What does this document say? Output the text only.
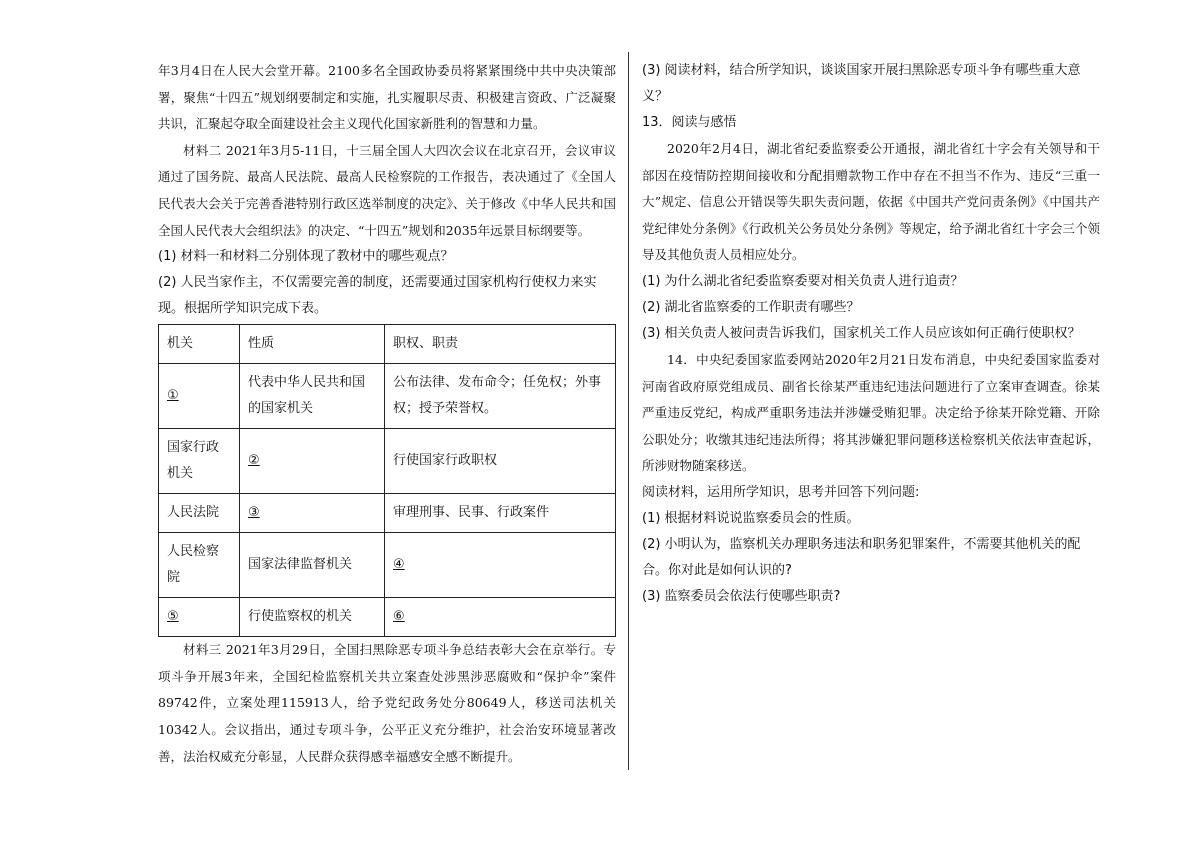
年3月4日在人民大会堂开幕。2100多名全国政协委员将紧紧围绕中共中央决策部署，聚焦“十四五”规划纲要制定和实施，扎实履职尽责、积极建言资政、广泛凝聚共识，汇聚起夺取全面建设社会主义现代化国家新胜利的智慧和力量。

材料二 2021年3月5-11日，十三届全国人大四次会议在北京召开，会议审议通过了国务院、最高人民法院、最高人民检察院的工作报告，表决通过了《全国人民代表大会关于完善香港特别行政区选举制度的决定》、关于修改《中华人民共和国全国人民代表大会组织法》的决定、“十四五”规划和2035年远景目标纲要等。

(1) 材料一和材料二分别体现了教材中的哪些观点？

(2) 人民当家作主，不仅需要完善的制度，还需要通过国家机构行使权力来实现。根据所学知识完成下表。

机关	性质	职权、职责
①	代表中华人民共和国的国家机关	公布法律、发布命令；任免权；外事权；授予荣誉权。
国家行政机关	②	行使国家行政职权
人民法院	③	审理刑事、民事、行政案件
人民检察院	国家法律监督机关	④
⑤	行使监察权的机关	⑥

材料三 2021年3月29日，全国扫黑除恶专项斗争总结表彰大会在京举行。专项斗争开展3年来，全国纪检监察机关共立案查处涉黑涉恶腐败和“保护伞”案件89742件，立案处理115913人，给予党纪政务处分80649人，移送司法机关10342人。会议指出，通过专项斗争，公平正义充分维护，社会治安环境显著改善，法治权威充分彰显，人民群众获得感幸福感安全感不断提升。

(3) 阅读材料，结合所学知识，谈谈国家开展扫黑除恶专项斗争有哪些重大意义？

13．阅读与感悟

2020年2月4日，湖北省纪委监察委公开通报，湖北省红十字会有关领导和干部因在疫情防控期间接收和分配捐赠款物工作中存在不担当不作为、违反“三重一大”规定、信息公开错误等失职失责问题，依据《中国共产党问责条例》《中国共产党纪律处分条例》《行政机关公务员处分条例》等规定，给予湖北省红十字会三个领导及其他负责人员相应处分。

(1) 为什么湖北省纪委监察委要对相关负责人进行追责？

(2) 湖北省监察委的工作职责有哪些？

(3) 相关负责人被问责告诉我们，国家机关工作人员应该如何正确行使职权？

14．中央纪委国家监委网站2020年2月21日发布消息，中央纪委国家监委对河南省政府原党组成员、副省长徐某严重违纪违法问题进行了立案审查调查。徐某严重违反党纪，构成严重职务违法并涉嫌受贿犯罪。决定给予徐某开除党籍、开除公职处分；收缴其违纪违法所得；将其涉嫌犯罪问题移送检察机关依法审查起诉，所涉财物随案移送。

阅读材料，运用所学知识，思考并回答下列问题:

(1) 根据材料说说监察委员会的性质。

(2) 小明认为，监察机关办理职务违法和职务犯罪案件，不需要其他机关的配合。你对此是如何认识的?

(3) 监察委员会依法行使哪些职责?
